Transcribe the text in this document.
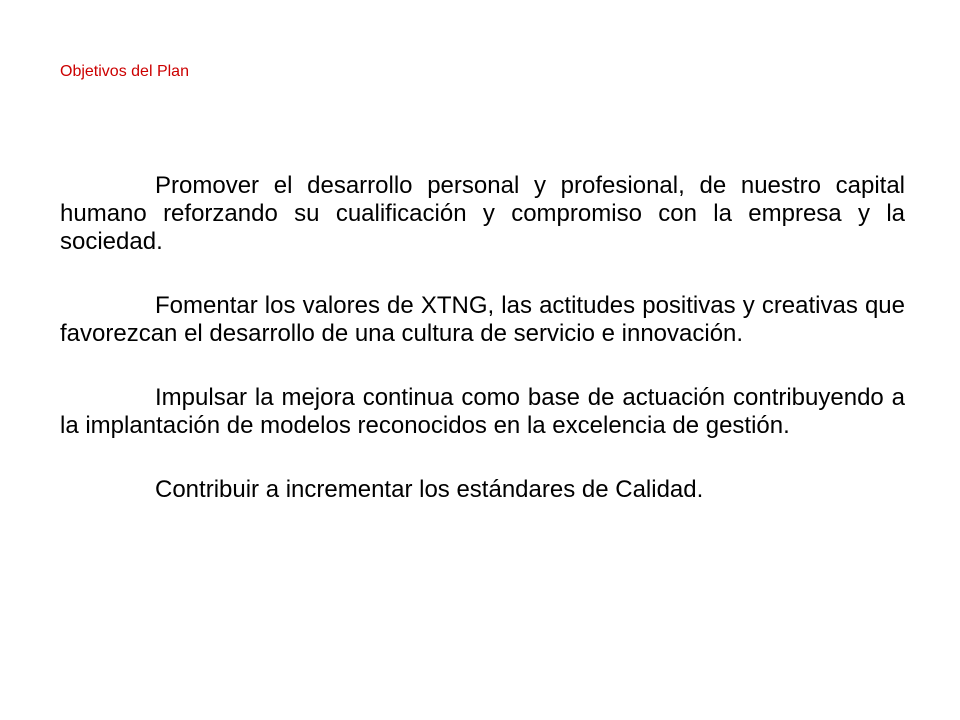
Objetivos del Plan

Promover el desarrollo personal y profesional, de nuestro capital humano reforzando su cualificación y compromiso con la empresa y la sociedad.

Fomentar los valores de XTNG, las actitudes positivas y creativas que favorezcan el desarrollo de una cultura de servicio e innovación.

Impulsar la mejora continua como base de actuación contribuyendo a la implantación de modelos reconocidos en la excelencia de gestión.

Contribuir a incrementar los estándares de Calidad.
